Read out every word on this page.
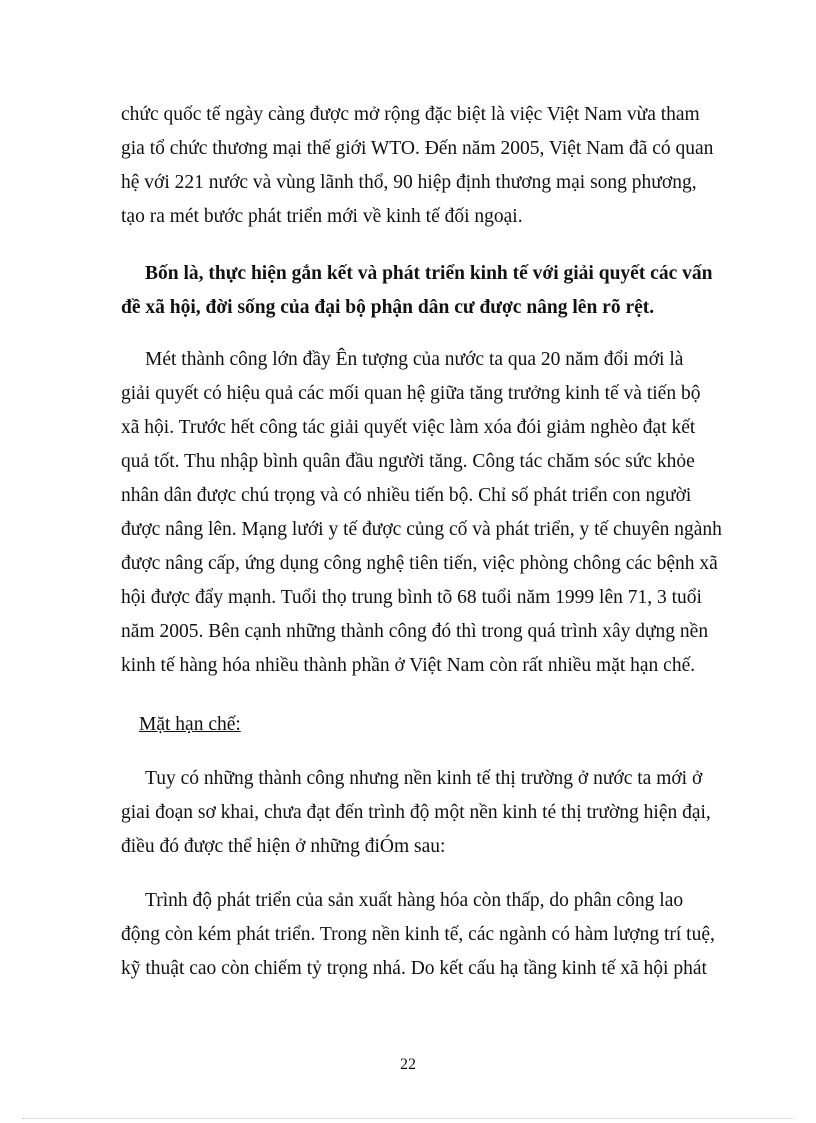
chức quốc tế ngày càng được mở rộng đặc biệt là việc Việt Nam vừa tham
gia tổ chức thương mại thế giới WTO. Đến năm 2005, Việt Nam đã có quan
hệ với 221 nước và vùng lãnh thổ, 90 hiệp định thương mại song phương,
tạo ra mét bước phát triển mới về kinh tế đối ngoại.
Bốn là, thực hiện gắn kết và phát triển kinh tế với giải quyết các vấn
đề xã hội, đời sống của đại bộ phận dân cư được nâng lên rõ rệt.
Mét thành công lớn đầy Ên tượng của nước ta qua 20 năm đổi mới là
giải quyết có hiệu quả các mối quan hệ giữa tăng trưởng kinh tế và tiến bộ
xã hội. Trước hết công tác giải quyết việc làm xóa đói giảm nghèo đạt kết
quả tốt. Thu nhập bình quân đầu người tăng. Công tác chăm sóc sức khỏe
nhân dân được chú trọng và có nhiều tiến bộ. Chỉ số phát triển con người
được nâng lên. Mạng lưới y tế được củng cố và phát triển, y tế chuyên ngành
được nâng cấp, ứng dụng công nghệ tiên tiến, việc phòng chông các bệnh xã
hội được đẩy mạnh. Tuổi thọ trung bình tõ 68 tuổi năm 1999 lên 71, 3 tuổi
năm 2005. Bên cạnh những thành công đó thì trong quá trình xây dựng nền
kinh tế hàng hóa nhiều thành phần ở Việt Nam còn rất nhiều mặt hạn chế.
Mặt hạn chế:
Tuy có những thành công nhưng nền kinh tế thị trường ở nước ta mới ở
giai đoạn sơ khai, chưa đạt đến trình độ một nền kinh té thị trường hiện đại,
điều đó được thể hiện ở những điÓm sau:
Trình độ phát triển của sản xuất hàng hóa còn thấp, do phân công lao
động còn kém phát triển. Trong nền kinh tế, các ngành có hàm lượng trí tuệ,
kỹ thuật cao còn chiếm tỷ trọng nhá. Do kết cấu hạ tầng kinh tế xã hội phát
22
